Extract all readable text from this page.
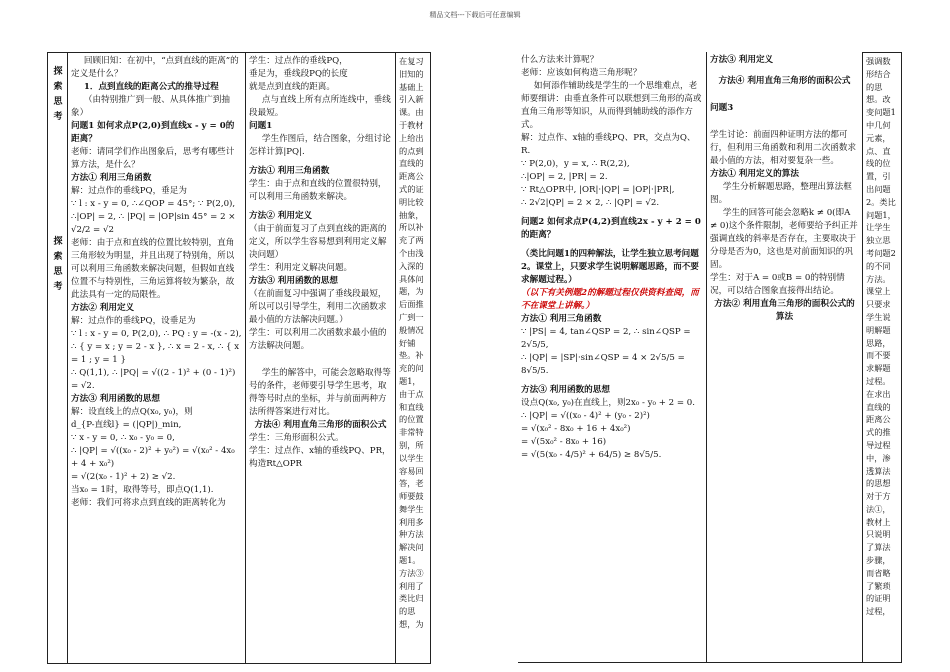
精品文档---下载后可任意编辑
探索思考
探索思考

回顾旧知：在初中，“点到直线的距离”的定义是什么？

1．点到直线的距离公式的推导过程

（由特别推广到一般、从具体推广到抽象）

问题1 如何求点P(2,0)到直线x - y = 0的距离？

老师：请同学们作出图象后，思考有哪些计算方法，是什么？

方法① 利用三角函数

解：过点作的垂线PQ，垂足为

∵ l : x - y = 0, ∴∠QOP = 45°; ∵ P(2,0),

∴|OP| = 2, ∴ |PQ| = |OP|sin 45° = 2 × √2/2 = √2

老师：由于点和直线的位置比较特别，直角三角形较为明显，并且出现了特别角，所以可以利用三角函数来解决问题，但假如直线位置不与特别性，三角运算将较为繁杂，故此法具有一定的局限性。

方法② 利用定义

解：过点作的垂线PQ，设垂足为

∵ l : x - y = 0, P(2,0), ∴ PQ : y = -(x - 2),

∴ { y = x ; y = 2 - x }, ∴ x = 2 - x, ∴ { x = 1 ; y = 1 }

∴ Q(1,1), ∴ |PQ| = √((2 - 1)² + (0 - 1)²) = √2.

方法③ 利用函数的思想

解：设直线上的点Q(x₀, y₀)，则

d_{P-直线l} = (|QP|)_min,

∵ x - y = 0, ∴ x₀ - y₀ = 0,

∴ |QP| = √((x₀ - 2)² + y₀²) = √(x₀² - 4x₀ + 4 + x₀²)

= √(2(x₀ - 1)² + 2) ≥ √2.

当x₀ = 1时，取得等号，即点Q(1,1).

老师：我们可将求点到直线的距离转化为

学生：过点作的垂线PQ，

垂足为，垂线段PQ的长度

就是点到直线的距离。

点与直线上所有点所连线中，垂线段最短。

问题1

学生作图后，结合图象，分组讨论怎样计算|PQ|.

方法① 利用三角函数

学生：由于点和直线的位置很特别，可以利用三角函数来解决。

方法② 利用定义

（由于前面复习了点到直线的距离的定义，所以学生容易想到利用定义解决问题）

学生：利用定义解决问题。

方法③ 利用函数的思想

（在前面复习中强调了垂线段最短，所以可以引导学生，利用二次函数求最小值的方法解决问题。）

学生：可以利用二次函数求最小值的方法解决问题。

学生的解答中，可能会忽略取得等号的条件，老师要引导学生思考，取得等号时点的坐标，并与前面两种方法所得答案进行对比。

方法④ 利用直角三角形的面积公式

学生：三角形面积公式。

学生：过点作、x轴的垂线PQ、PR，构造Rt△OPR

在复习旧知的基础上引入新课。由于教材上给出的点到直线的距离公式的证明比较抽象，所以补充了两个由浅入深的具体问题，为后面推广到一般情况好铺垫。补充的问题1，由于点和直线的位置非常特别，所以学生容易回答，老师要鼓舞学生利用多种方法解决问题1。方法③利用了类比归的思想，为

什么方法来计算呢？

老师：应该如何构造三角形呢？

如何添作辅助线是学生的一个思维难点，老师要细讲：由垂直条件可以联想到三角形的高或直角三角形等知识，从而得到辅助线的添作方式。

解：过点作、x轴的垂线PQ、PR，交点为Q、R.

∵ P(2,0)，y = x, ∴ R(2,2),

∴|OP| = 2, |PR| = 2.

∵ Rt△OPR中, |OR|·|QP| = |OP|·|PR|,

∴ 2√2|QP| = 2 × 2, ∴ |QP| = √2.

问题2 如何求点P(4,2)到直线2x - y + 2 = 0的距离？

（类比问题1的四种解法，让学生独立思考问题2。课堂上，只要求学生说明解题思路，而不要求解题过程。）

（以下有关例题2的解题过程仅供资料查阅，而不在课堂上讲解。）

方法① 利用三角函数

∵ |PS| = 4, tan∠QSP = 2, ∴ sin∠QSP = 2√5/5,

∴ |QP| = |SP|·sin∠QSP = 4 × 2√5/5 = 8√5/5.

方法③ 利用函数的思想

设点Q(x₀, y₀)在直线上，则2x₀ - y₀ + 2 = 0.

∴ |QP| = √((x₀ - 4)² + (y₀ - 2)²)

= √(x₀² - 8x₀ + 16 + 4x₀²)

= √(5x₀² - 8x₀ + 16)

= √(5(x₀ - 4/5)² + 64/5) ≥ 8√5/5.

方法③ 利用定义

方法④ 利用直角三角形的面积公式

问题3

学生讨论：前面四种证明方法的都可行，但利用三角函数和利用二次函数求最小值的方法，相对要复杂一些。

方法① 利用定义的算法

学生分析解题思路，整理出算法框图。

学生的回答可能会忽略k ≠ 0(即A ≠ 0)这个条件限制，老师要给予纠正并强调直线的斜率是否存在，主要取决于分母是否为0，这也是对前面知识的巩固。

学生：对于A = 0或B = 0的特别情况，可以结合图象直接得出结论。

方法② 利用直角三角形的面积公式的算法

强调数形结合的思想。改变问题1中几何元素，点、直线的位置，引出问题2。类比问题1，让学生独立思考问题2的不同方法。课堂上只要求学生说明解题思路，而不要求解题过程。在求出直线的距离公式的推导过程中，渗透算法的思想对于方法①，教材上只说明了算法步骤，而省略了繁琐的证明过程，
